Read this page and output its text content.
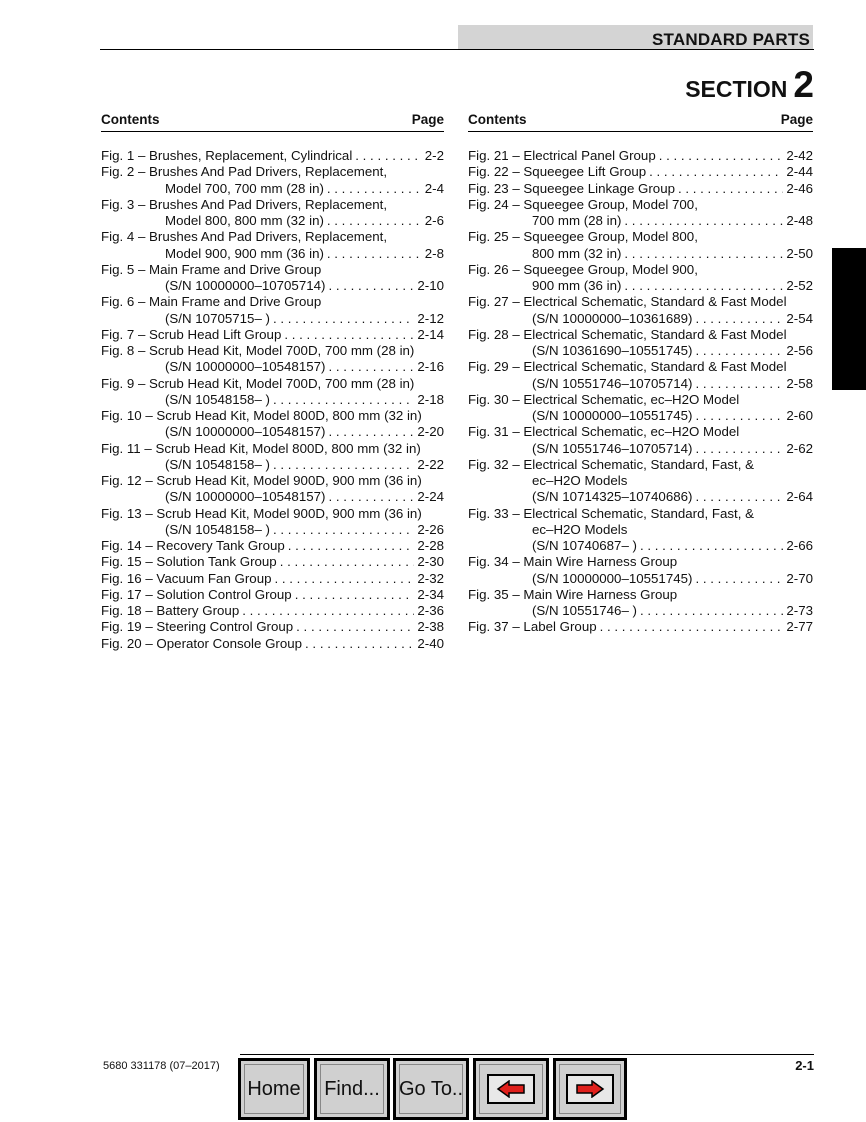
STANDARD PARTS
SECTION 2
Contents	Page
Fig. 1 – Brushes, Replacement, Cylindrical . . .	2-2
Fig. 2 – Brushes And Pad Drivers, Replacement,
Model 700, 700 mm (28 in) . . .	2-4
Fig. 3 – Brushes And Pad Drivers, Replacement,
Model 800, 800 mm (32 in) . . .	2-6
Fig. 4 – Brushes And Pad Drivers, Replacement,
Model 900, 900 mm (36 in) . . .	2-8
Fig. 5 – Main Frame and Drive Group
(S/N 10000000–10705714) . . .	2-10
Fig. 6 – Main Frame and Drive Group
(S/N 10705715– ) . . .	2-12
Fig. 7 – Scrub Head Lift Group . . .	2-14
Fig. 8 – Scrub Head Kit, Model 700D, 700 mm (28 in)
(S/N 10000000–10548157) . . .	2-16
Fig. 9 – Scrub Head Kit, Model 700D, 700 mm (28 in)
(S/N 10548158– ) . . .	2-18
Fig. 10 – Scrub Head Kit, Model 800D, 800 mm (32 in)
(S/N 10000000–10548157) . . .	2-20
Fig. 11 – Scrub Head Kit, Model 800D, 800 mm (32 in)
(S/N 10548158– ) . . .	2-22
Fig. 12 – Scrub Head Kit, Model 900D, 900 mm (36 in)
(S/N 10000000–10548157) . . .	2-24
Fig. 13 – Scrub Head Kit, Model 900D, 900 mm (36 in)
(S/N 10548158– ) . . .	2-26
Fig. 14 – Recovery Tank Group . . .	2-28
Fig. 15 – Solution Tank Group . . .	2-30
Fig. 16 – Vacuum Fan Group . . .	2-32
Fig. 17 – Solution Control Group . . .	2-34
Fig. 18 – Battery Group . . .	2-36
Fig. 19 – Steering Control Group . . .	2-38
Fig. 20 – Operator Console Group . . .	2-40
Contents	Page
Fig. 21 – Electrical Panel Group . . .	2-42
Fig. 22 – Squeegee Lift Group . . .	2-44
Fig. 23 – Squeegee Linkage Group . . .	2-46
Fig. 24 – Squeegee Group, Model 700,
700 mm (28 in) . . .	2-48
Fig. 25 – Squeegee Group, Model 800,
800 mm (32 in) . . .	2-50
Fig. 26 – Squeegee Group, Model 900,
900 mm (36 in) . . .	2-52
Fig. 27 – Electrical Schematic, Standard & Fast Model
(S/N 10000000–10361689) . . .	2-54
Fig. 28 – Electrical Schematic, Standard & Fast Model
(S/N 10361690–10551745) . . .	2-56
Fig. 29 – Electrical Schematic, Standard & Fast Model
(S/N 10551746–10705714) . . .	2-58
Fig. 30 – Electrical Schematic, ec–H2O Model
(S/N 10000000–10551745) . . .	2-60
Fig. 31 – Electrical Schematic, ec–H2O Model
(S/N 10551746–10705714) . . .	2-62
Fig. 32 – Electrical Schematic, Standard, Fast, &
ec–H2O Models
(S/N 10714325–10740686) . . .	2-64
Fig. 33 – Electrical Schematic, Standard, Fast, &
ec–H2O Models
(S/N 10740687– ) . . .	2-66
Fig. 34 – Main Wire Harness Group
(S/N 10000000–10551745) . . .	2-70
Fig. 35 – Main Wire Harness Group
(S/N 10551746– ) . . .	2-73
Fig. 37 – Label Group . . .	2-77
5680 331178 (07–2017)	2-1
Home Find... Go To..
